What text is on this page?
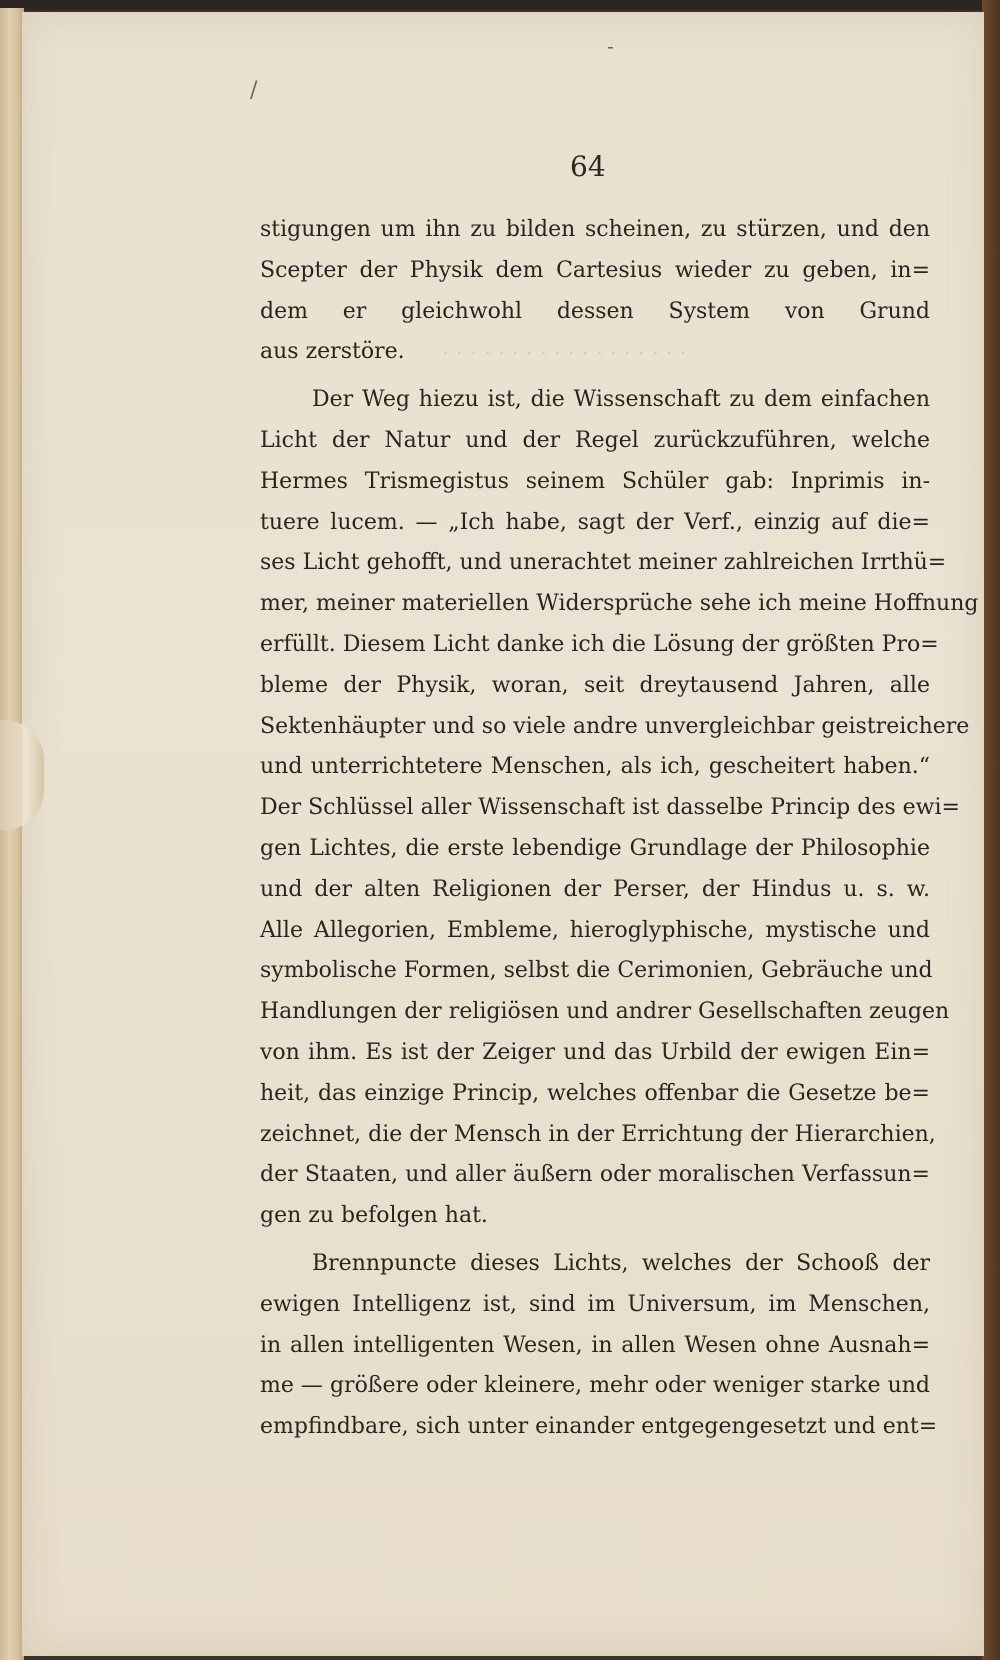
· · · · · · · · · · · · · · · · · ·
-
/
64
stigungen um ihn zu bilden scheinen, zu stürzen, und den
Scepter der Physik dem Cartesius wieder zu geben, in=
dem er gleichwohl dessen System von Grund
aus zerstöre.
Der Weg hiezu ist, die Wissenschaft zu dem einfachen
Licht der Natur und der Regel zurückzuführen, welche
Hermes Trismegistus seinem Schüler gab: Inprimis in-
tuere lucem. — „Ich habe, sagt der Verf., einzig auf die=
ses Licht gehofft, und unerachtet meiner zahlreichen Irrthü=
mer, meiner materiellen Widersprüche sehe ich meine Hoffnung
erfüllt. Diesem Licht danke ich die Lösung der größten Pro=
bleme der Physik, woran, seit dreytausend Jahren, alle
Sektenhäupter und so viele andre unvergleichbar geistreichere
und unterrichtetere Menschen, als ich, gescheitert haben.“
Der Schlüssel aller Wissenschaft ist dasselbe Princip des ewi=
gen Lichtes, die erste lebendige Grundlage der Philosophie
und der alten Religionen der Perser, der Hindus u. s. w.
Alle Allegorien, Embleme, hieroglyphische, mystische und
symbolische Formen, selbst die Cerimonien, Gebräuche und
Handlungen der religiösen und andrer Gesellschaften zeugen
von ihm. Es ist der Zeiger und das Urbild der ewigen Ein=
heit, das einzige Princip, welches offenbar die Gesetze be=
zeichnet, die der Mensch in der Errichtung der Hierarchien,
der Staaten, und aller äußern oder moralischen Verfassun=
gen zu befolgen hat.
Brennpuncte dieses Lichts, welches der Schooß der
ewigen Intelligenz ist, sind im Universum, im Menschen,
in allen intelligenten Wesen, in allen Wesen ohne Ausnah=
me — größere oder kleinere, mehr oder weniger starke und
empfindbare, sich unter einander entgegengesetzt und ent=
